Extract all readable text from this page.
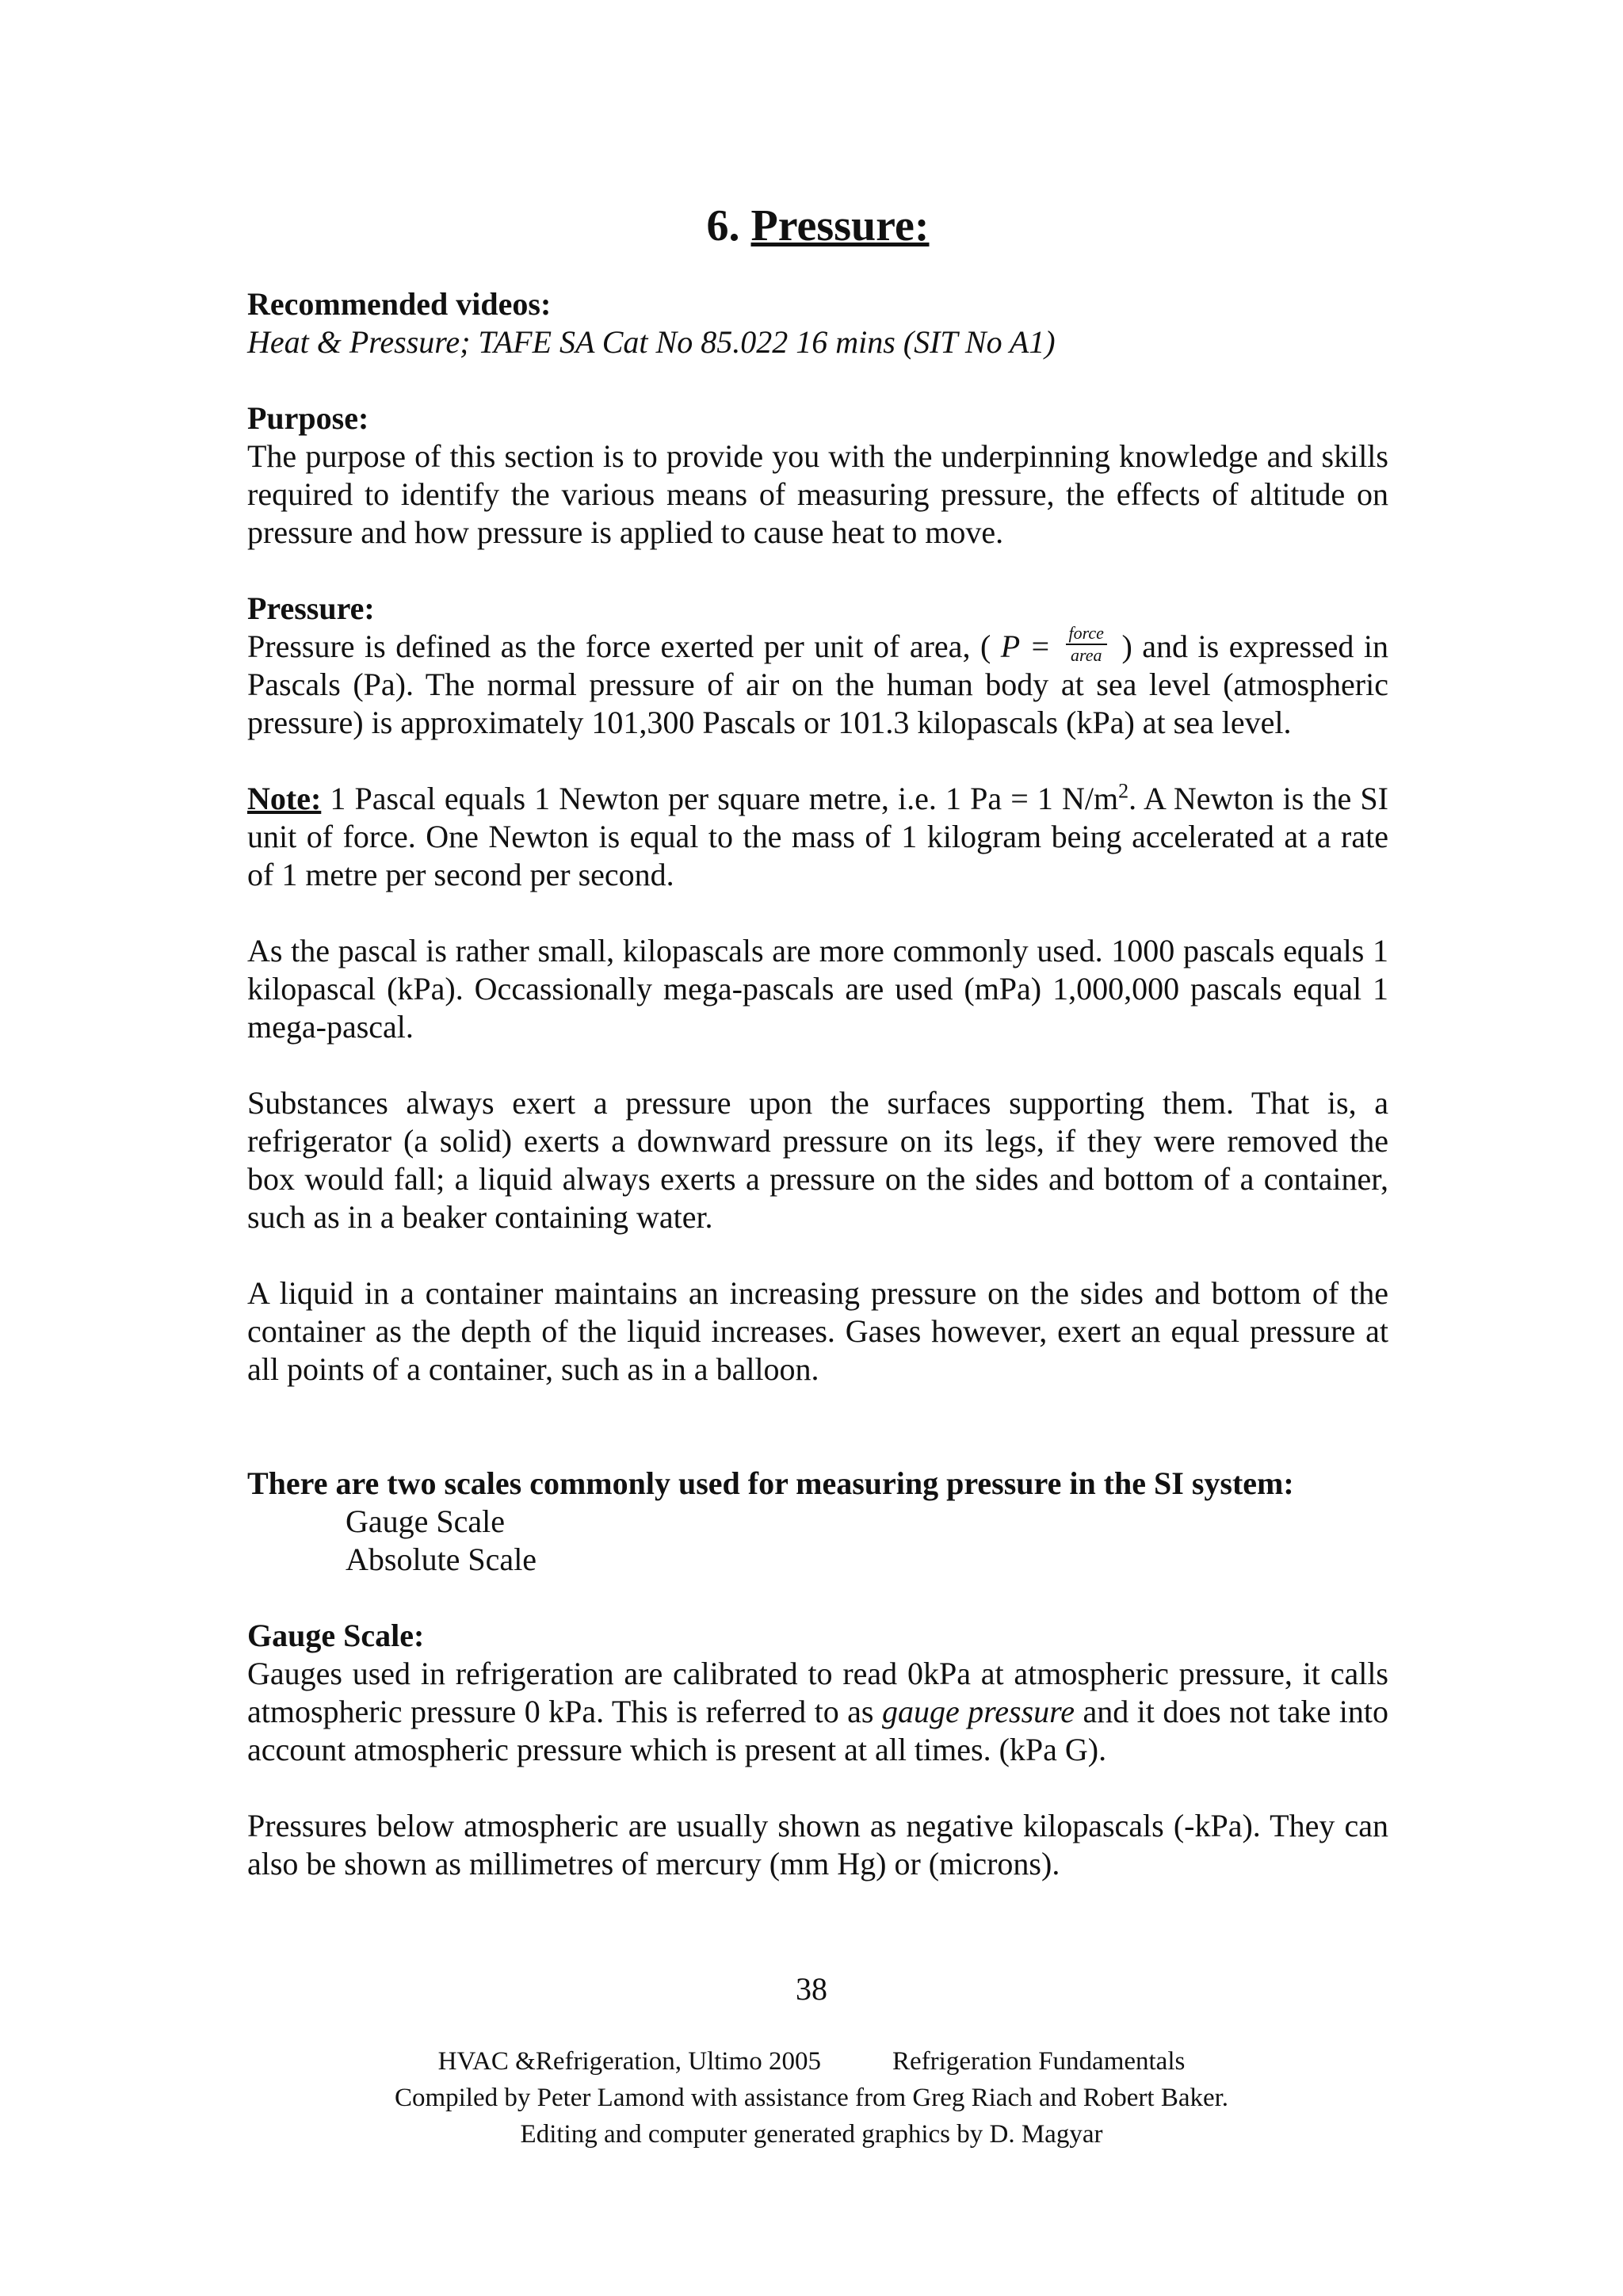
6. Pressure:

Recommended videos:

Heat & Pressure; TAFE SA Cat No 85.022 16 mins (SIT No A1)

Purpose:

The purpose of this section is to provide you with the underpinning knowledge and skills required to identify the various means of measuring pressure, the effects of altitude on pressure and how pressure is applied to cause heat to move.

Pressure:

Pressure is defined as the force exerted per unit of area, ( $P = \frac{\text{force}}{\text{area}}$ ) and is expressed in Pascals (Pa). The normal pressure of air on the human body at sea level (atmospheric pressure) is approximately 101,300 Pascals or 101.3 kilopascals (kPa) at sea level.

Note: 1 Pascal equals 1 Newton per square metre, i.e. 1 Pa = 1 $N/m^2$. A Newton is the SI unit of force. One Newton is equal to the mass of 1 kilogram being accelerated at a rate of 1 metre per second per second.

As the pascal is rather small, kilopascals are more commonly used. 1000 pascals equals 1 kilopascal (kPa). Occassionally mega-pascals are used (mPa) 1,000,000 pascals equal 1 mega-pascal.

Substances always exert a pressure upon the surfaces supporting them. That is, a refrigerator (a solid) exerts a downward pressure on its legs, if they were removed the box would fall; a liquid always exerts a pressure on the sides and bottom of a container, such as in a beaker containing water.

A liquid in a container maintains an increasing pressure on the sides and bottom of the container as the depth of the liquid increases. Gases however, exert an equal pressure at all points of a container, such as in a balloon.

There are two scales commonly used for measuring pressure in the SI system:

Gauge Scale

Absolute Scale

Gauge Scale:

Gauges used in refrigeration are calibrated to read 0kPa at atmospheric pressure, it calls atmospheric pressure 0 kPa. This is referred to as gauge pressure and it does not take into account atmospheric pressure which is present at all times. (kPa G).

Pressures below atmospheric are usually shown as negative kilopascals (-kPa). They can also be shown as millimetres of mercury (mm Hg) or (microns).

38
HVAC &Refrigeration, Ultimo 2005	Refrigeration Fundamentals
Compiled by Peter Lamond with assistance from Greg Riach and Robert Baker.
Editing and computer generated graphics by D. Magyar
